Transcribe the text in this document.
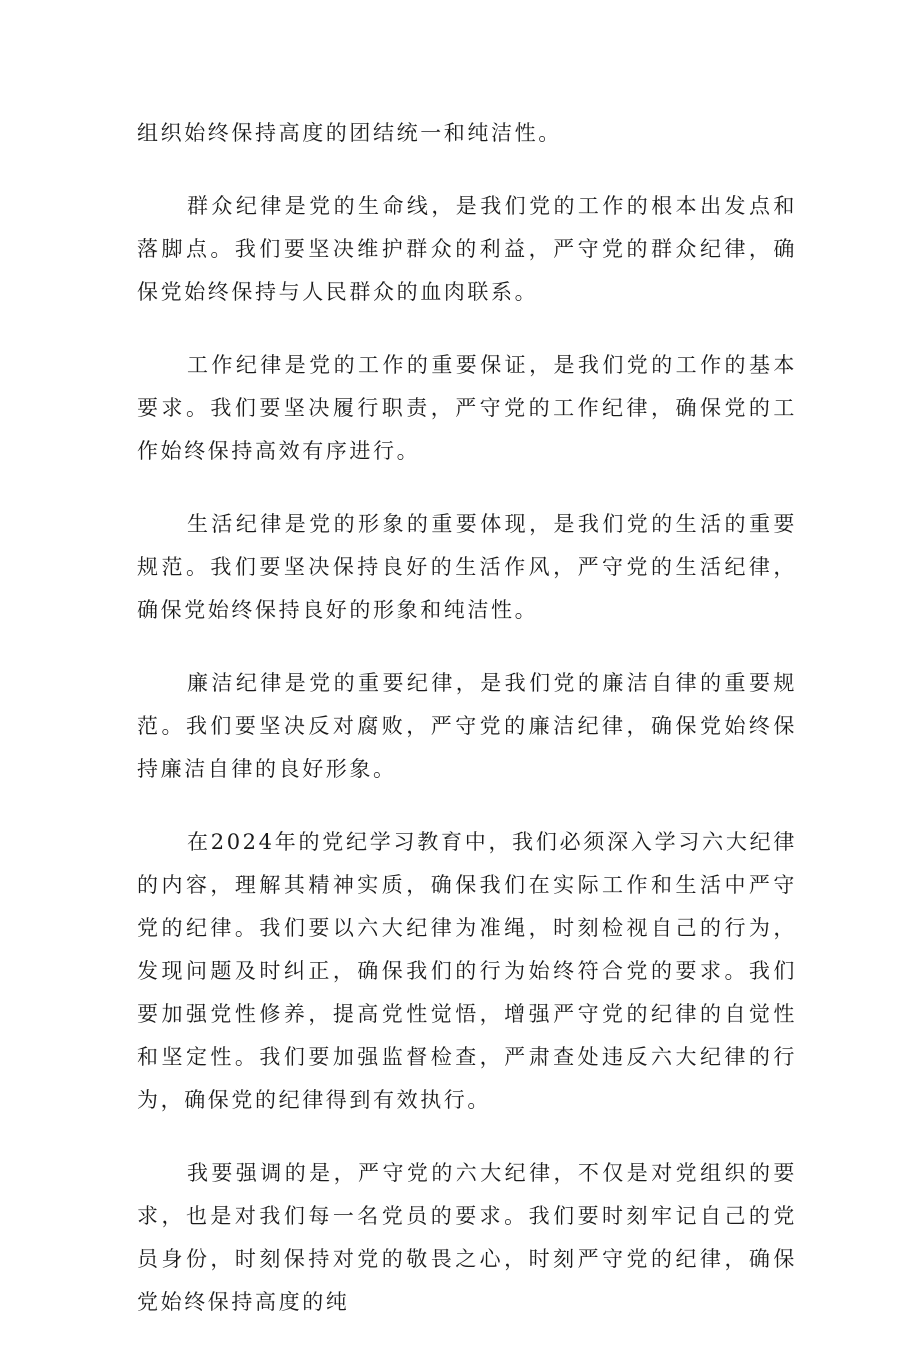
组织始终保持高度的团结统一和纯洁性。

群众纪律是党的生命线，是我们党的工作的根本出发点和落脚点。我们要坚决维护群众的利益，严守党的群众纪律，确保党始终保持与人民群众的血肉联系。

工作纪律是党的工作的重要保证，是我们党的工作的基本要求。我们要坚决履行职责，严守党的工作纪律，确保党的工作始终保持高效有序进行。

生活纪律是党的形象的重要体现，是我们党的生活的重要规范。我们要坚决保持良好的生活作风，严守党的生活纪律，确保党始终保持良好的形象和纯洁性。

廉洁纪律是党的重要纪律，是我们党的廉洁自律的重要规范。我们要坚决反对腐败，严守党的廉洁纪律，确保党始终保持廉洁自律的良好形象。

在2024年的党纪学习教育中，我们必须深入学习六大纪律的内容，理解其精神实质，确保我们在实际工作和生活中严守党的纪律。我们要以六大纪律为准绳，时刻检视自己的行为，发现问题及时纠正，确保我们的行为始终符合党的要求。我们要加强党性修养，提高党性觉悟，增强严守党的纪律的自觉性和坚定性。我们要加强监督检查，严肃查处违反六大纪律的行为，确保党的纪律得到有效执行。

我要强调的是，严守党的六大纪律，不仅是对党组织的要求，也是对我们每一名党员的要求。我们要时刻牢记自己的党员身份，时刻保持对党的敬畏之心，时刻严守党的纪律，确保党始终保持高度的纯
